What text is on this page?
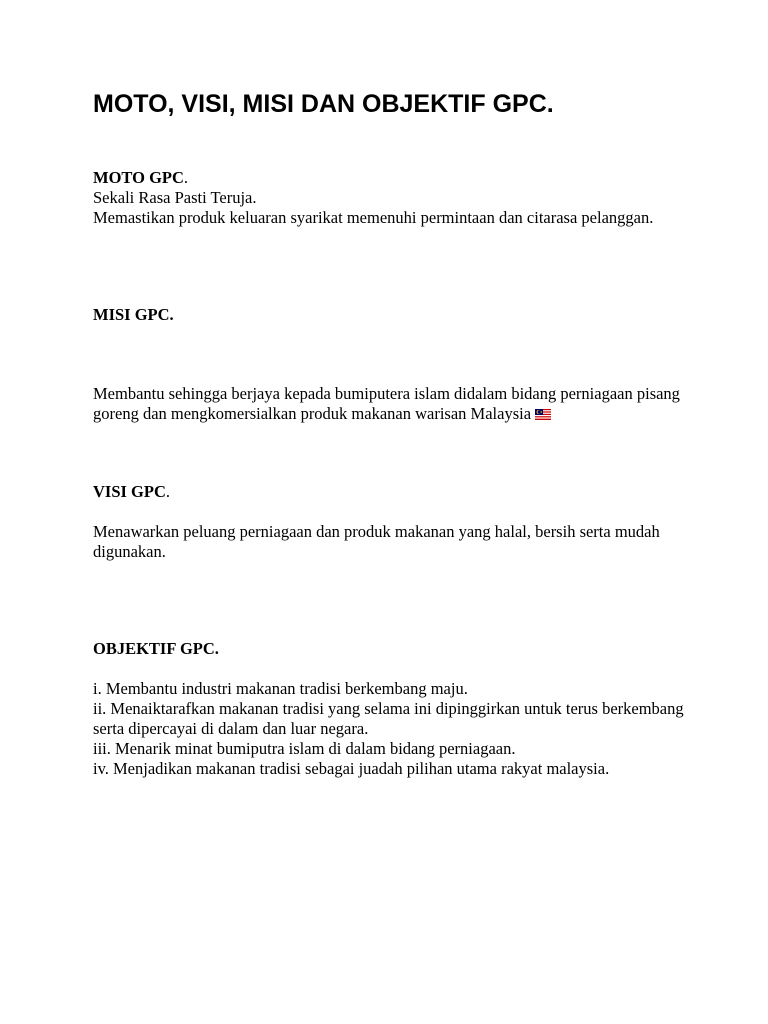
MOTO, VISI, MISI DAN OBJEKTIF GPC.

MOTO GPC.

Sekali Rasa Pasti Teruja.

Memastikan produk keluaran syarikat memenuhi permintaan dan citarasa pelanggan.

MISI GPC.

Membantu sehingga berjaya kepada bumiputera islam didalam bidang perniagaan pisang goreng dan mengkomersialkan produk makanan warisan Malaysia

VISI GPC.

Menawarkan peluang perniagaan dan produk makanan yang halal, bersih serta mudah digunakan.

OBJEKTIF GPC.

i. Membantu industri makanan tradisi berkembang maju.

ii. Menaiktarafkan makanan tradisi yang selama ini dipinggirkan untuk terus berkembang serta dipercayai di dalam dan luar negara.

iii. Menarik minat bumiputra islam di dalam bidang perniagaan.

iv. Menjadikan makanan tradisi sebagai juadah pilihan utama rakyat malaysia.
